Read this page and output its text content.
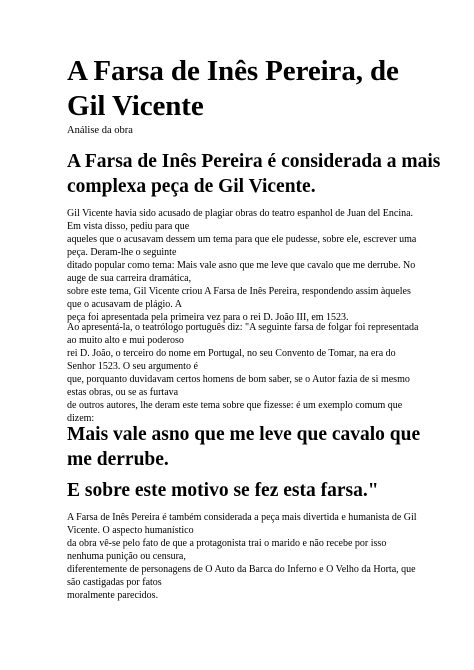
A Farsa de Inês Pereira, de Gil Vicente
Análise da obra
A Farsa de Inês Pereira é considerada a mais complexa peça de Gil Vicente.
Gil Vicente havia sido acusado de plagiar obras do teatro espanhol de Juan del Encina.
Em vista disso, pediu para que
aqueles que o acusavam dessem um tema para que ele pudesse, sobre ele, escrever uma
peça. Deram-lhe o seguinte
ditado popular como tema: Mais vale asno que me leve que cavalo que me derrube. No
auge de sua carreira dramática,
sobre este tema, Gil Vicente criou A Farsa de Inês Pereira, respondendo assim àqueles
que o acusavam de plágio. A
peça foi apresentada pela primeira vez para o rei D. João III, em 1523.
Ao apresentá-la, o teatrólogo português diz: "A seguinte farsa de folgar foi representada
ao muito alto e mui poderoso
rei D. João, o terceiro do nome em Portugal, no seu Convento de Tomar, na era do
Senhor 1523. O seu argumento é
que, porquanto duvidavam certos homens de bom saber, se o Autor fazia de si mesmo
estas obras, ou se as furtava
de outros autores, lhe deram este tema sobre que fizesse: é um exemplo comum que
dizem:
Mais vale asno que me leve que cavalo que me derrube.
E sobre este motivo se fez esta farsa."
A Farsa de Inês Pereira é também considerada a peça mais divertida e humanista de Gil
Vicente. O aspecto humanístico
da obra vê-se pelo fato de que a protagonista trai o marido e não recebe por isso
nenhuma punição ou censura,
diferentemente de personagens de O Auto da Barca do Inferno e O Velho da Horta, que
são castigadas por fatos
moralmente parecidos.
